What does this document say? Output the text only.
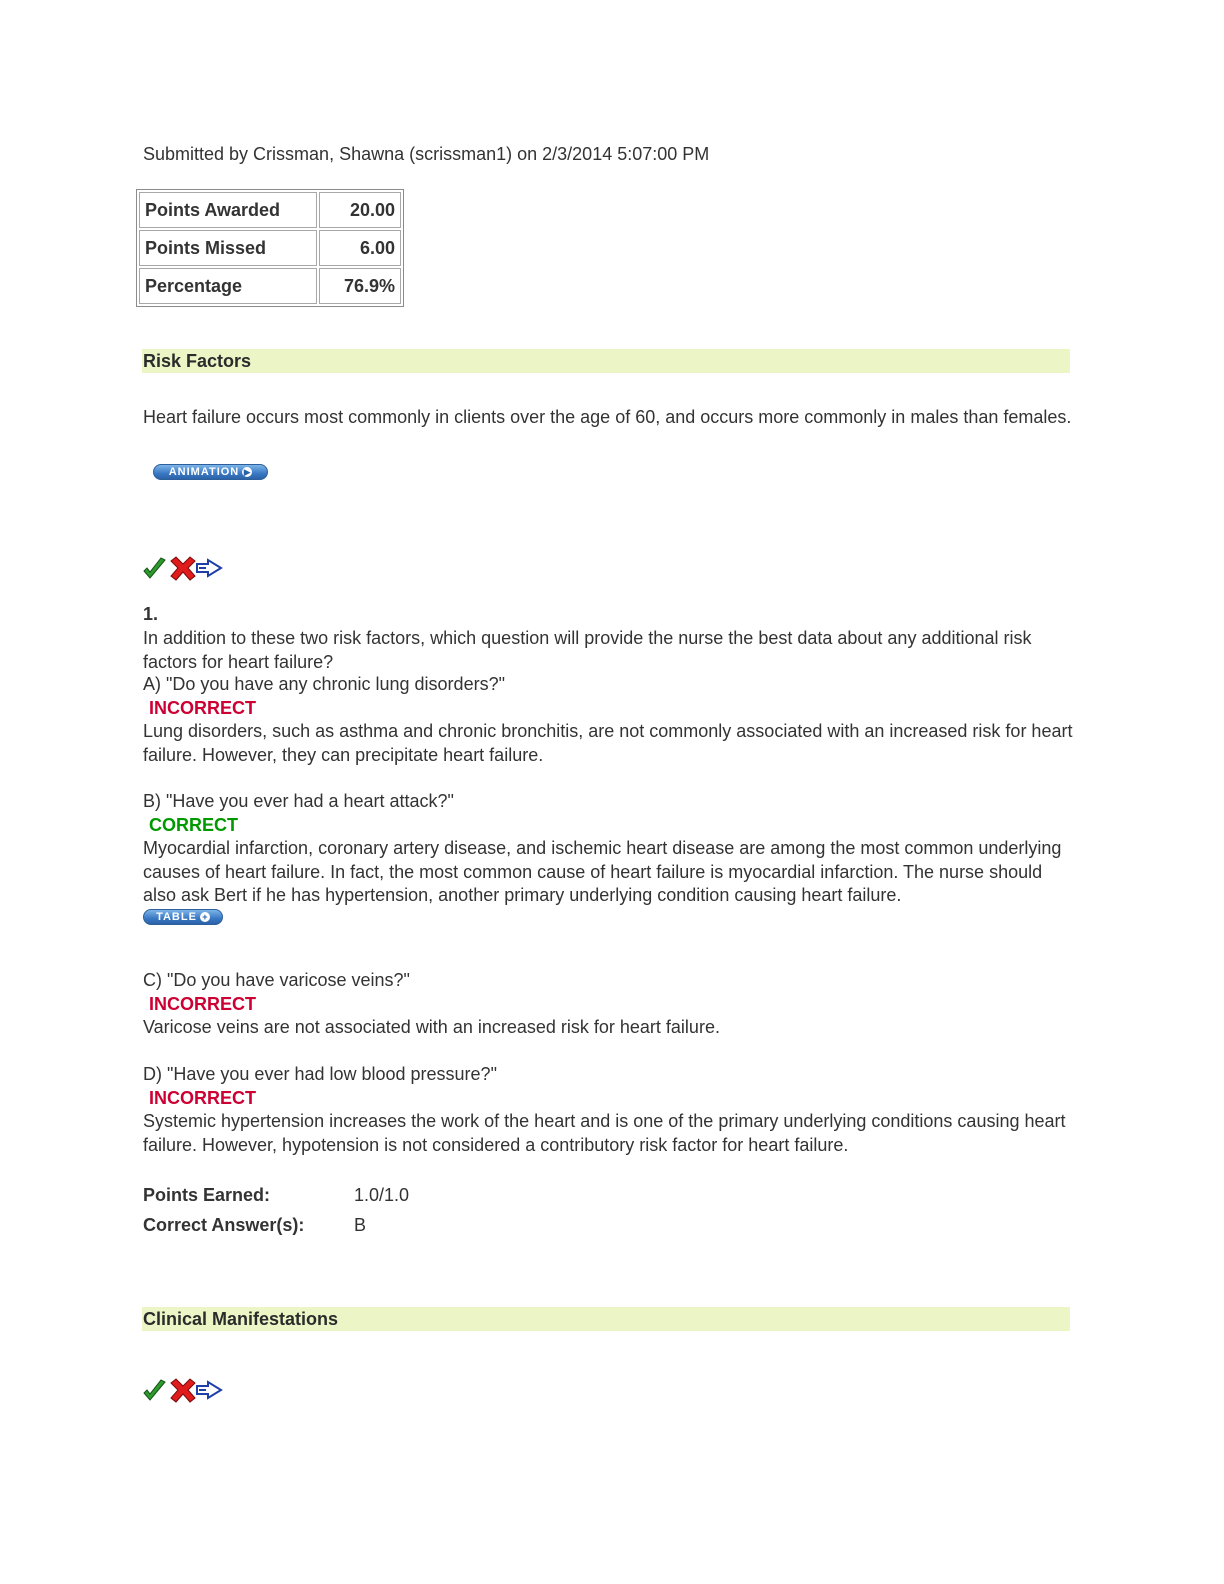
Submitted by Crissman, Shawna (scrissman1) on 2/3/2014 5:07:00 PM
Points Awarded	20.00
Points Missed	6.00
Percentage	76.9%
Risk Factors
Heart failure occurs most commonly in clients over the age of 60, and occurs more commonly in males than females.
ANIMATION ▶
1.
In addition to these two risk factors, which question will provide the nurse the best data about any additional risk factors for heart failure?
A) "Do you have any chronic lung disorders?"
INCORRECT
Lung disorders, such as asthma and chronic bronchitis, are not commonly associated with an increased risk for heart failure. However, they can precipitate heart failure.
B) "Have you ever had a heart attack?"
CORRECT
Myocardial infarction, coronary artery disease, and ischemic heart disease are among the most common underlying causes of heart failure. In fact, the most common cause of heart failure is myocardial infarction. The nurse should also ask Bert if he has hypertension, another primary underlying condition causing heart failure.
TABLE +
C) "Do you have varicose veins?"
INCORRECT
Varicose veins are not associated with an increased risk for heart failure.
D) "Have you ever had low blood pressure?"
INCORRECT
Systemic hypertension increases the work of the heart and is one of the primary underlying conditions causing heart failure. However, hypotension is not considered a contributory risk factor for heart failure.
Points Earned:	1.0/1.0
Correct Answer(s):	B
Clinical Manifestations
